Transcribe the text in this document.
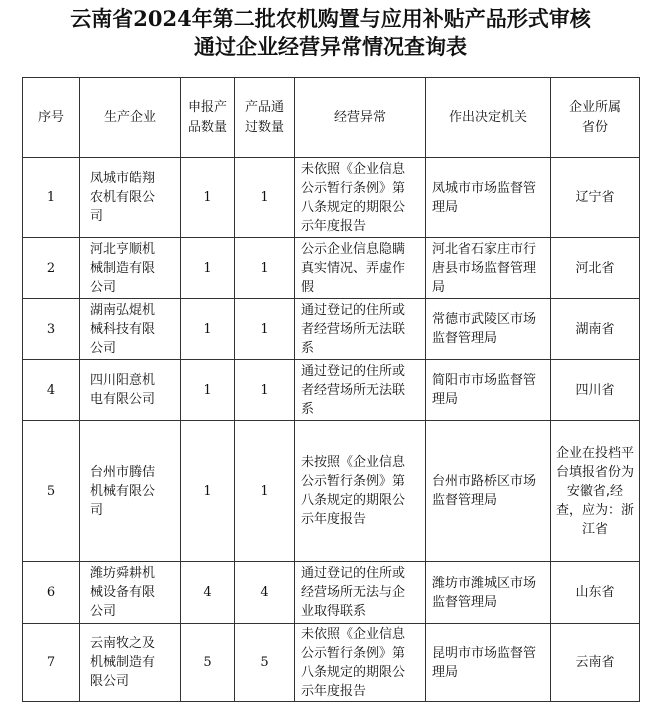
云南省2024年第二批农机购置与应用补贴产品形式审核
通过企业经营异常情况查询表
序号	生产企业	申报产品数量	产品通过数量	经营异常	作出决定机关	企业所属省份
1	凤城市皓翔农机有限公司	1	1	未依照《企业信息公示暂行条例》第八条规定的期限公示年度报告	凤城市市场监督管理局	辽宁省
2	河北亨顺机械制造有限公司	1	1	公示企业信息隐瞒真实情况、弄虚作假	河北省石家庄市行唐县市场监督管理局	河北省
3	湖南弘焜机械科技有限公司	1	1	通过登记的住所或者经营场所无法联系	常德市武陵区市场监督管理局	湖南省
4	四川阳意机电有限公司	1	1	通过登记的住所或者经营场所无法联系	简阳市市场监督管理局	四川省
5	台州市腾佶机械有限公司	1	1	未按照《企业信息公示暂行条例》第八条规定的期限公示年度报告	台州市路桥区市场监督管理局	企业在投档平台填报省份为安徽省,经查，应为：浙江省
6	潍坊舜耕机械设备有限公司	4	4	通过登记的住所或经营场所无法与企业取得联系	潍坊市潍城区市场监督管理局	山东省
7	云南牧之及机械制造有限公司	5	5	未依照《企业信息公示暂行条例》第八条规定的期限公示年度报告	昆明市市场监督管理局	云南省
